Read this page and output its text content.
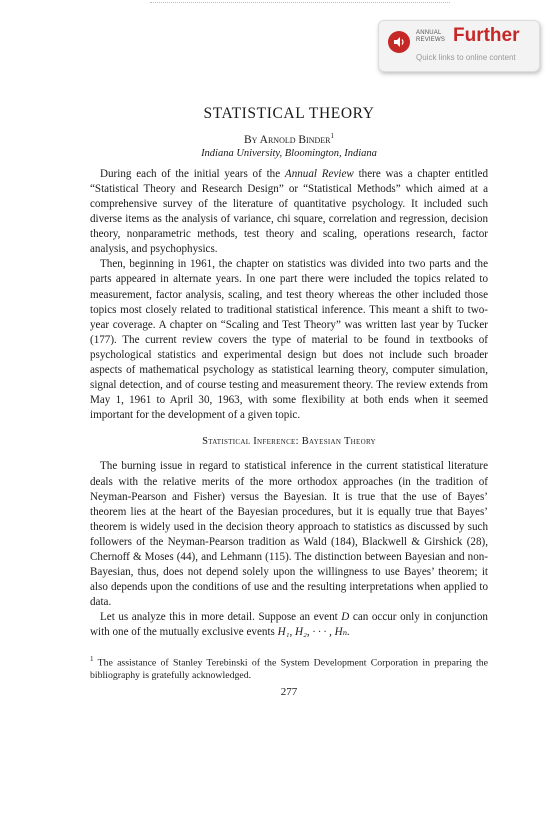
ANNUAL REVIEWS Further
Quick links to online content
STATISTICAL THEORY
By Arnold Binder$^1$
Indiana University, Bloomington, Indiana

During each of the initial years of the Annual Review there was a chapter entitled “Statistical Theory and Research Design” or “Statistical Methods” which aimed at a comprehensive survey of the literature of quantitative psychology. It included such diverse items as the analysis of variance, chi square, correlation and regression, decision theory, nonparametric methods, test theory and scaling, operations research, factor analysis, and psychophysics.

Then, beginning in 1961, the chapter on statistics was divided into two parts and the parts appeared in alternate years. In one part there were included the topics related to measurement, factor analysis, scaling, and test theory whereas the other included those topics most closely related to traditional statistical inference. This meant a shift to two-year coverage. A chapter on “Scaling and Test Theory” was written last year by Tucker (177). The current review covers the type of material to be found in textbooks of psychological statistics and experimental design but does not include such broader aspects of mathematical psychology as statistical learning theory, computer simulation, signal detection, and of course testing and measurement theory. The review extends from May 1, 1961 to April 30, 1963, with some flexibility at both ends when it seemed important for the development of a given topic.

Statistical Inference: Bayesian Theory

The burning issue in regard to statistical inference in the current statistical literature deals with the relative merits of the more orthodox approaches (in the tradition of Neyman-Pearson and Fisher) versus the Bayesian. It is true that the use of Bayes’ theorem lies at the heart of the Bayesian procedures, but it is equally true that Bayes’ theorem is widely used in the decision theory approach to statistics as discussed by such followers of the Neyman-Pearson tradition as Wald (184), Blackwell & Girshick (28), Chernoff & Moses (44), and Lehmann (115). The distinction between Bayesian and non-Bayesian, thus, does not depend solely upon the willingness to use Bayes’ theorem; it also depends upon the conditions of use and the resulting interpretations when applied to data.

Let us analyze this in more detail. Suppose an event D can occur only in conjunction with one of the mutually exclusive events H₁, H₂, · · · , Hₙ.

$^1$ The assistance of Stanley Terebinski of the System Development Corporation in preparing the bibliography is gratefully acknowledged.
277
